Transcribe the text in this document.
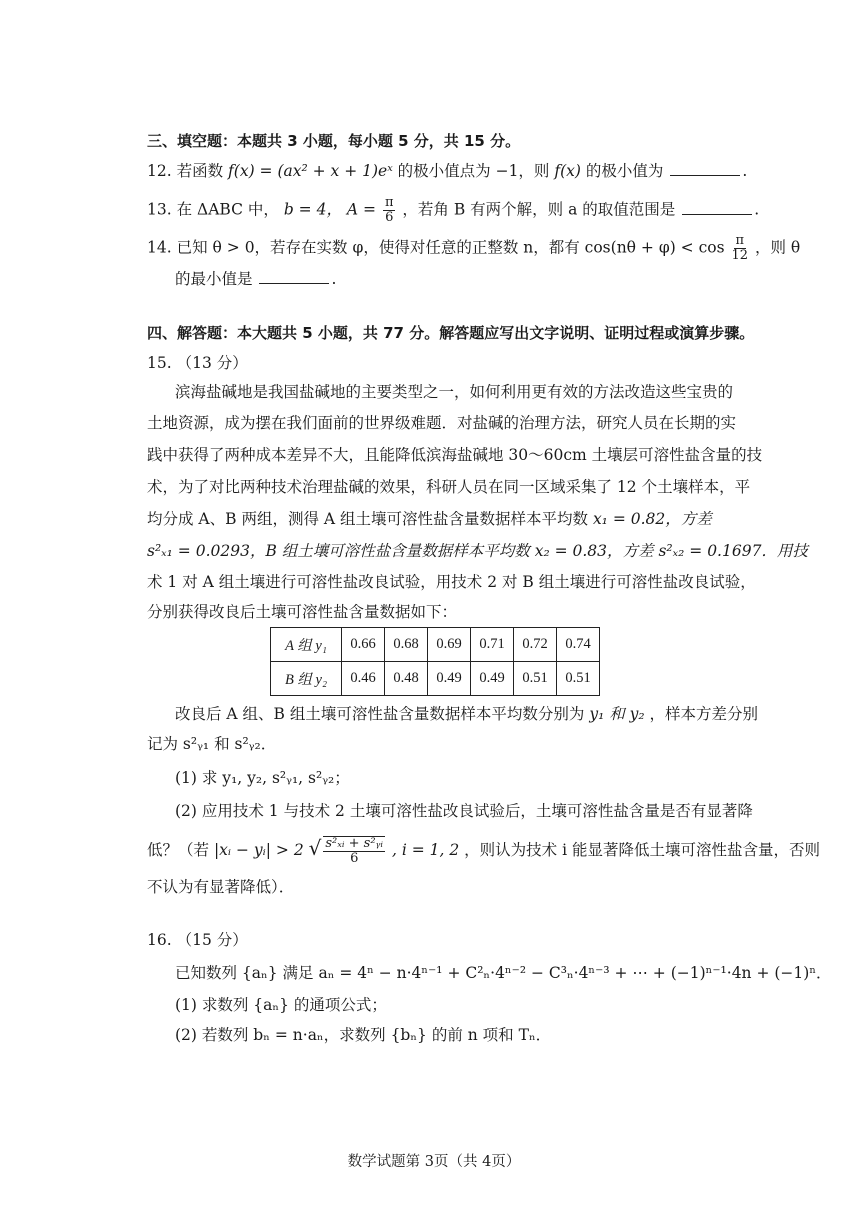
三、填空题：本题共 3 小题，每小题 5 分，共 15 分。
12. 若函数 f(x) = (ax² + x + 1)eˣ 的极小值点为 −1，则 f(x) 的极小值为	.
13. 在 ΔABC 中， b = 4， $A = \frac{\pi}{6}$ ，若角 B 有两个解，则 a 的取值范围是	.
14. 已知 θ > 0，若存在实数 φ，使得对任意的正整数 n，都有 $\cos(n\theta + \varphi) < \cos \frac{\pi}{12}$ ，则 θ
的最小值是	.
四、解答题：本大题共 5 小题，共 77 分。解答题应写出文字说明、证明过程或演算步骤。
15. （13 分）
滨海盐碱地是我国盐碱地的主要类型之一，如何利用更有效的方法改造这些宝贵的
土地资源，成为摆在我们面前的世界级难题．对盐碱的治理方法，研究人员在长期的实
践中获得了两种成本差异不大，且能降低滨海盐碱地 30～60cm 土壤层可溶性盐含量的技
术，为了对比两种技术治理盐碱的效果，科研人员在同一区域采集了 12 个土壤样本，平
均分成 A、B 两组，测得 A 组土壤可溶性盐含量数据样本平均数 x₁ = 0.82，方差
s²ₓ₁ = 0.0293，B 组土壤可溶性盐含量数据样本平均数 x₂ = 0.83，方差 s²ₓ₂ = 0.1697．用技
术 1 对 A 组土壤进行可溶性盐改良试验，用技术 2 对 B 组土壤进行可溶性盐改良试验，
分别获得改良后土壤可溶性盐含量数据如下：
A 组 y₁	0.66	0.68	0.69	0.71	0.72	0.74
B 组 y₂	0.46	0.48	0.49	0.49	0.51	0.51
改良后 A 组、B 组土壤可溶性盐含量数据样本平均数分别为 y₁ 和 y₂ ，样本方差分别
记为 s²ᵧ₁ 和 s²ᵧ₂．
(1) 求 y₁, y₂, s²ᵧ₁, s²ᵧ₂；
(2) 应用技术 1 与技术 2 土壤可溶性盐改良试验后，土壤可溶性盐含量是否有显著降
低？（若 |xᵢ − yᵢ| > 2 √ $\frac{\text{s²ₓᵢ + s²ᵧᵢ}}{6}$ , i = 1, 2 ，则认为技术 i 能显著降低土壤可溶性盐含量，否则
不认为有显著降低）．
16. （15 分）
已知数列 {aₙ} 满足 aₙ = 4ⁿ − n·4ⁿ⁻¹ + C²ₙ·4ⁿ⁻² − C³ₙ·4ⁿ⁻³ + ⋯ + (−1)ⁿ⁻¹·4n + (−1)ⁿ．
(1) 求数列 {aₙ} 的通项公式；
(2) 若数列 bₙ = n·aₙ，求数列 {bₙ} 的前 n 项和 Tₙ．
数学试题第 3页（共 4页）
